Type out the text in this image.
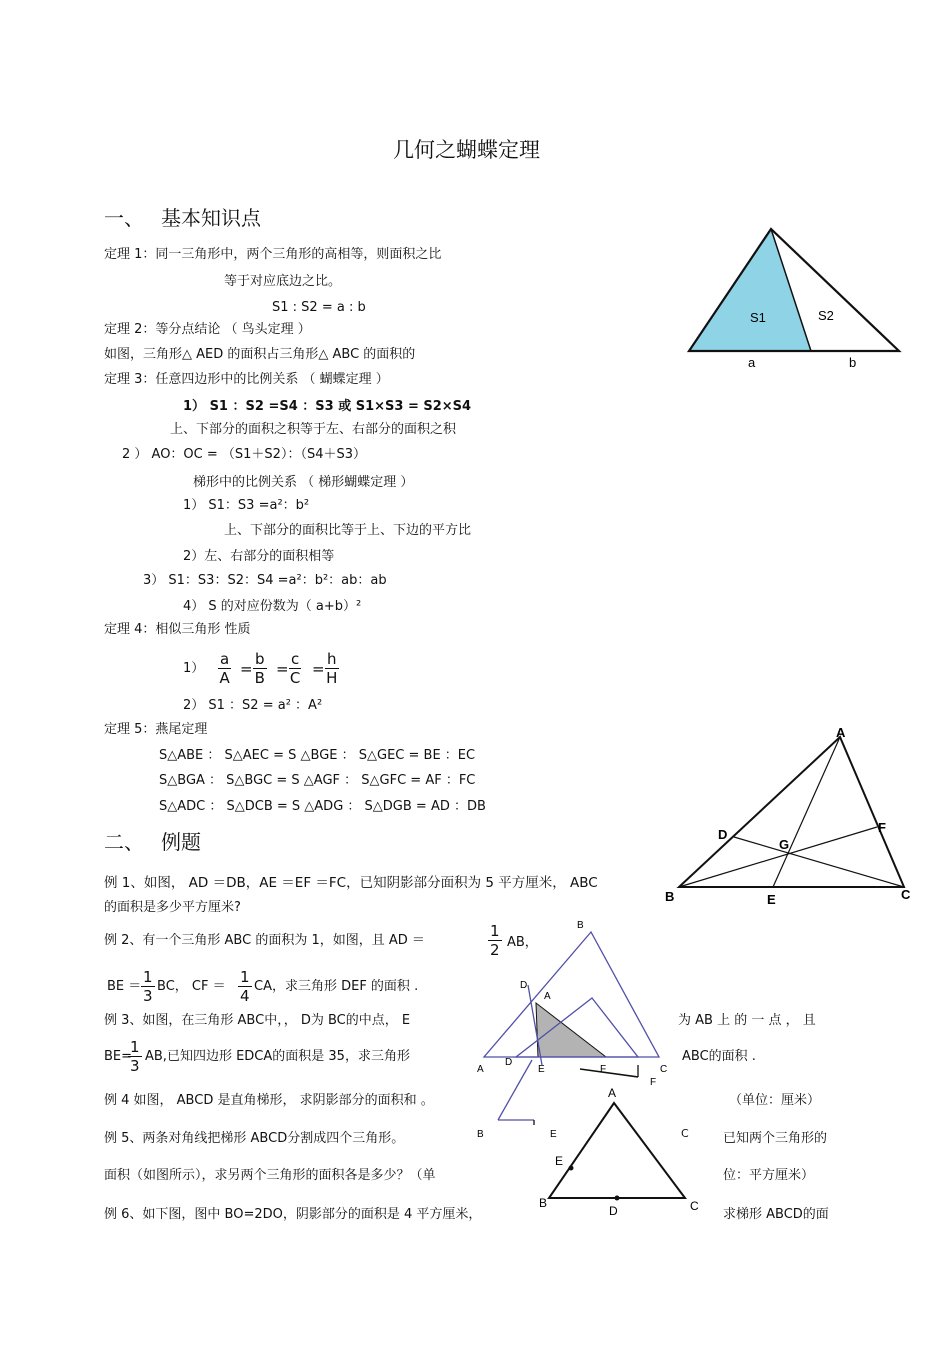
几何之蝴蝶定理
一、 基本知识点
定理 1：同一三角形中，两个三角形的高相等，则面积之比
等于对应底边之比。
S1 : S2 = a : b
定理 2：等分点结论 （ 鸟头定理 ）
如图，三角形△ AED 的面积占三角形△ ABC 的面积的
定理 3：任意四边形中的比例关系 （ 蝴蝶定理 ）
1） S1 ：S2 =S4 ：S3 或 S1×S3 = S2×S4
上、下部分的面积之积等于左、右部分的面积之积
2 ） AO：OC = （S1＋S2）：（S4＋S3）
梯形中的比例关系 （ 梯形蝴蝶定理 ）
1） S1：S3 =a²：b²
上、下部分的面积比等于上、下边的平方比
2）左、右部分的面积相等
3） S1：S3：S2：S4 =a²：b²：ab：ab
4） S 的对应份数为（ a+b）²
定理 4：相似三角形 性质
$1) \frac{a}{A} = \frac{b}{B} = \frac{c}{C} = \frac{h}{H}$
2） S1 ：S2 = a² ：A²
定理 5：燕尾定理
S△ABE ： S△AEC = S △BGE ： S△GEC = BE ：EC
S△BGA ： S△BGC = S △AGF ： S△GFC = AF ：FC
S△ADC ： S△DCB = S △ADG ： S△DGB = AD ：DB
二、 例题
例 1、如图， AD ＝DB，AE ＝EF ＝FC，已知阴影部分面积为 5 平方厘米， ABC
的面积是多少平方厘米?
例 2、有一个三角形 ABC 的面积为 1，如图，且 AD ＝	$\frac{1}{2}$ AB，
BE ＝ $\frac{1}{3}$ BC， CF ＝ $\frac{1}{4}$ CA，求三角形 DEF 的面积 .
例 3、如图，在三角形 ABC中，， D为 BC的中点， E	为 AB 上 的 一 点 ， 且
BE=
$\frac{1}{3}$ AB,已知四边形 EDCA的面积是 35，求三角形	ABC的面积 .
例 4 如图， ABCD 是直角梯形， 求阴影部分的面积和 。	（单位：厘米）
例 5、两条对角线把梯形 ABCD分割成四个三角形。	已知两个三角形的
面积（如图所示），求另两个三角形的面积各是多少？（单	位：平方厘米）
例 6、如下图，图中 BO=2DO，阴影部分的面积是 4 平方厘米，	求梯形 ABCD的面
S1	S2
a	b
A
B	C
D
E
F
G
B
D
A
A
D
E	F	C
F
B	E	C
A
B	C
D
E
